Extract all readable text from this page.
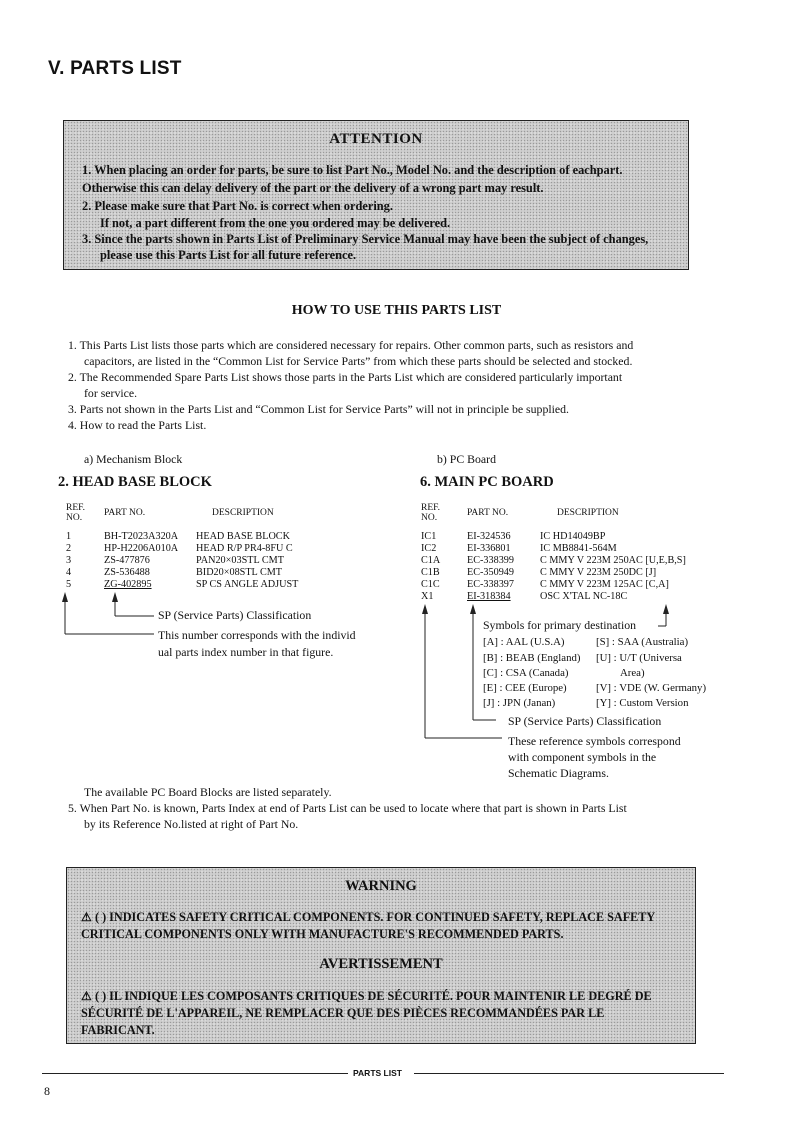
V. PARTS LIST
ATTENTION
1. When placing an order for parts, be sure to list Part No., Model No. and the description of eachpart.
Otherwise this can delay delivery of the part or the delivery of a wrong part may result.
2. Please make sure that Part No. is correct when ordering.
If not, a part different from the one you ordered may be delivered.
3. Since the parts shown in Parts List of Preliminary Service Manual may have been the subject of changes,
please use this Parts List for all future reference.
HOW TO USE THIS PARTS LIST
1. This Parts List lists those parts which are considered necessary for repairs. Other common parts, such as resistors and
capacitors, are listed in the “Common List for Service Parts” from which these parts should be selected and stocked.
2. The Recommended Spare Parts List shows those parts in the Parts List which are considered particularly important
for service.
3. Parts not shown in the Parts List and “Common List for Service Parts” will not in principle be supplied.
4. How to read the Parts List.
a) Mechanism Block
2. HEAD BASE BLOCK
REF.
NO.	PART NO.	DESCRIPTION
1	BH-T2023A320A HEAD BASE BLOCK
2	HP-H2206A010A HEAD R/P PR4-8FU C
3	ZS-477876	PAN20×03STL CMT
4	ZS-536488	BID20×08STL CMT
5	ZG-402895	SP CS ANGLE ADJUST
SP (Service Parts) Classification
This number corresponds with the individ
ual parts index number in that figure.
b) PC Board
6. MAIN PC BOARD
REF.
NO.	PART NO.	DESCRIPTION
IC1	EI-324536	IC HD14049BP
IC2	EI-336801	IC MB8841-564M
C1A	EC-338399	C MMY V 223M 250AC [U,E,B,S]
C1B	EC-350949	C MMY V 223M 250DC [J]
C1C	EC-338397	C MMY V 223M 125AC [C,A]
X1	EI-318384	OSC X'TAL NC-18C
Symbols for primary destination
[A] : AAL (U.S.A)	[S] : SAA (Australia)
[B] : BEAB (England) [U] : U/T (Universa
[C] : CSA (Canada)	Area)
[E] : CEE (Europe)	[V] : VDE (W. Germany)
[J] : JPN (Janan)	[Y] : Custom Version
SP (Service Parts) Classification
These reference symbols correspond
with component symbols in the
Schematic Diagrams.
The available PC Board Blocks are listed separately.
5. When Part No. is known, Parts Index at end of Parts List can be used to locate where that part is shown in Parts List
by its Reference No.listed at right of Part No.
WARNING
⚠ ( ) INDICATES SAFETY CRITICAL COMPONENTS. FOR CONTINUED SAFETY, REPLACE SAFETY
CRITICAL COMPONENTS ONLY WITH MANUFACTURE'S RECOMMENDED PARTS.
AVERTISSEMENT
⚠ ( ) IL INDIQUE LES COMPOSANTS CRITIQUES DE SÉCURITÉ. POUR MAINTENIR LE DEGRÉ DE
SÉCURITÉ DE L'APPAREIL, NE REMPLACER QUE DES PIÈCES RECOMMANDÉES PAR LE
FABRICANT.
PARTS LIST
8
